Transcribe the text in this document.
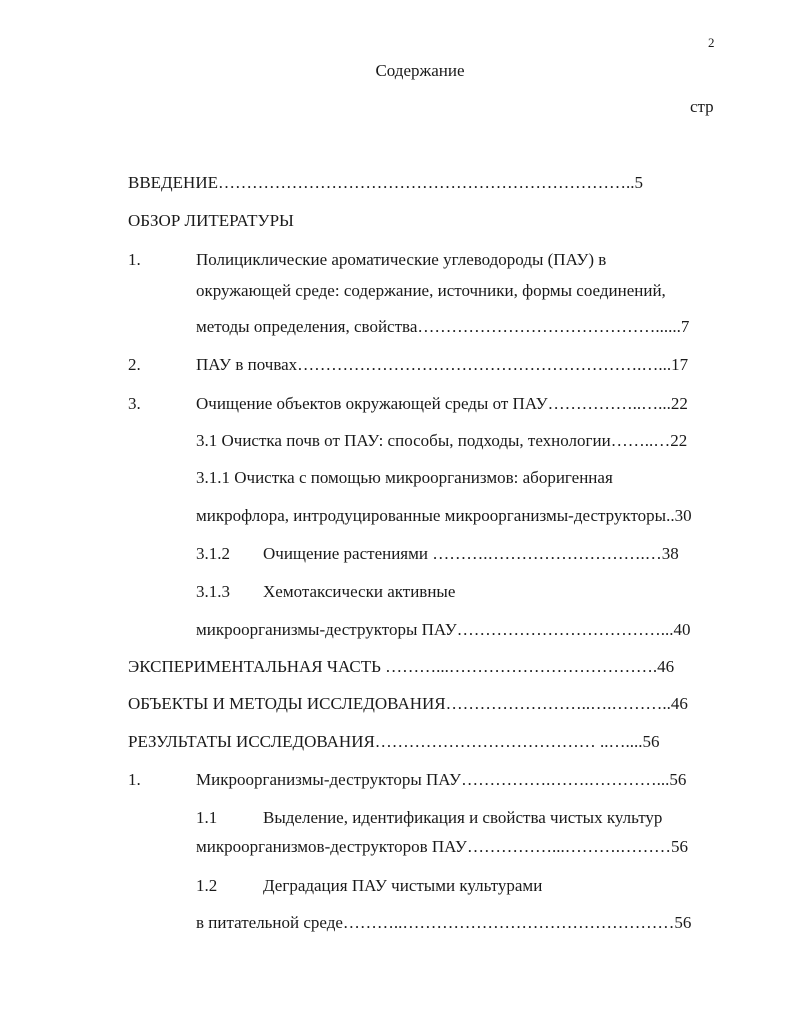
2
Содержание
стр
ВВЕДЕНИЕ………………………………………………………………..5
ОБЗОР ЛИТЕРАТУРЫ
1.	Полициклические ароматические углеводороды (ПАУ) в
окружающей среде: содержание, источники, формы соединений,
методы определения, свойства……………………………………......7
2.	ПАУ в почвах…………………………………………………….…...17
3.	Очищение объектов окружающей среды от ПАУ……………..…...22
3.1 Очистка почв от ПАУ: способы, подходы, технологии……..…22
3.1.1 Очистка с помощью микроорганизмов: аборигенная
микрофлора, интродуцированные микроорганизмы-деструкторы..30
3.1.2 Очищение растениями ……….……………………….…38
3.1.3 Хемотаксически активные
микроорганизмы-деструкторы ПАУ………………………………...40
ЭКСПЕРИМЕНТАЛЬНАЯ ЧАСТЬ ………...……………………………….46
ОБЪЕКТЫ И МЕТОДЫ ИССЛЕДОВАНИЯ……………………..….………..46
РЕЗУЛЬТАТЫ ИССЛЕДОВАНИЯ………………………………… ..…....56
1.	Микроорганизмы-деструкторы ПАУ…………….…….…………...56
1.1	Выделение, идентификация и свойства чистых культур
микроорганизмов-деструкторов ПАУ……………...……….………56
1.2	Деградация ПАУ чистыми культурами
в питательной среде………..…………………………………………56
